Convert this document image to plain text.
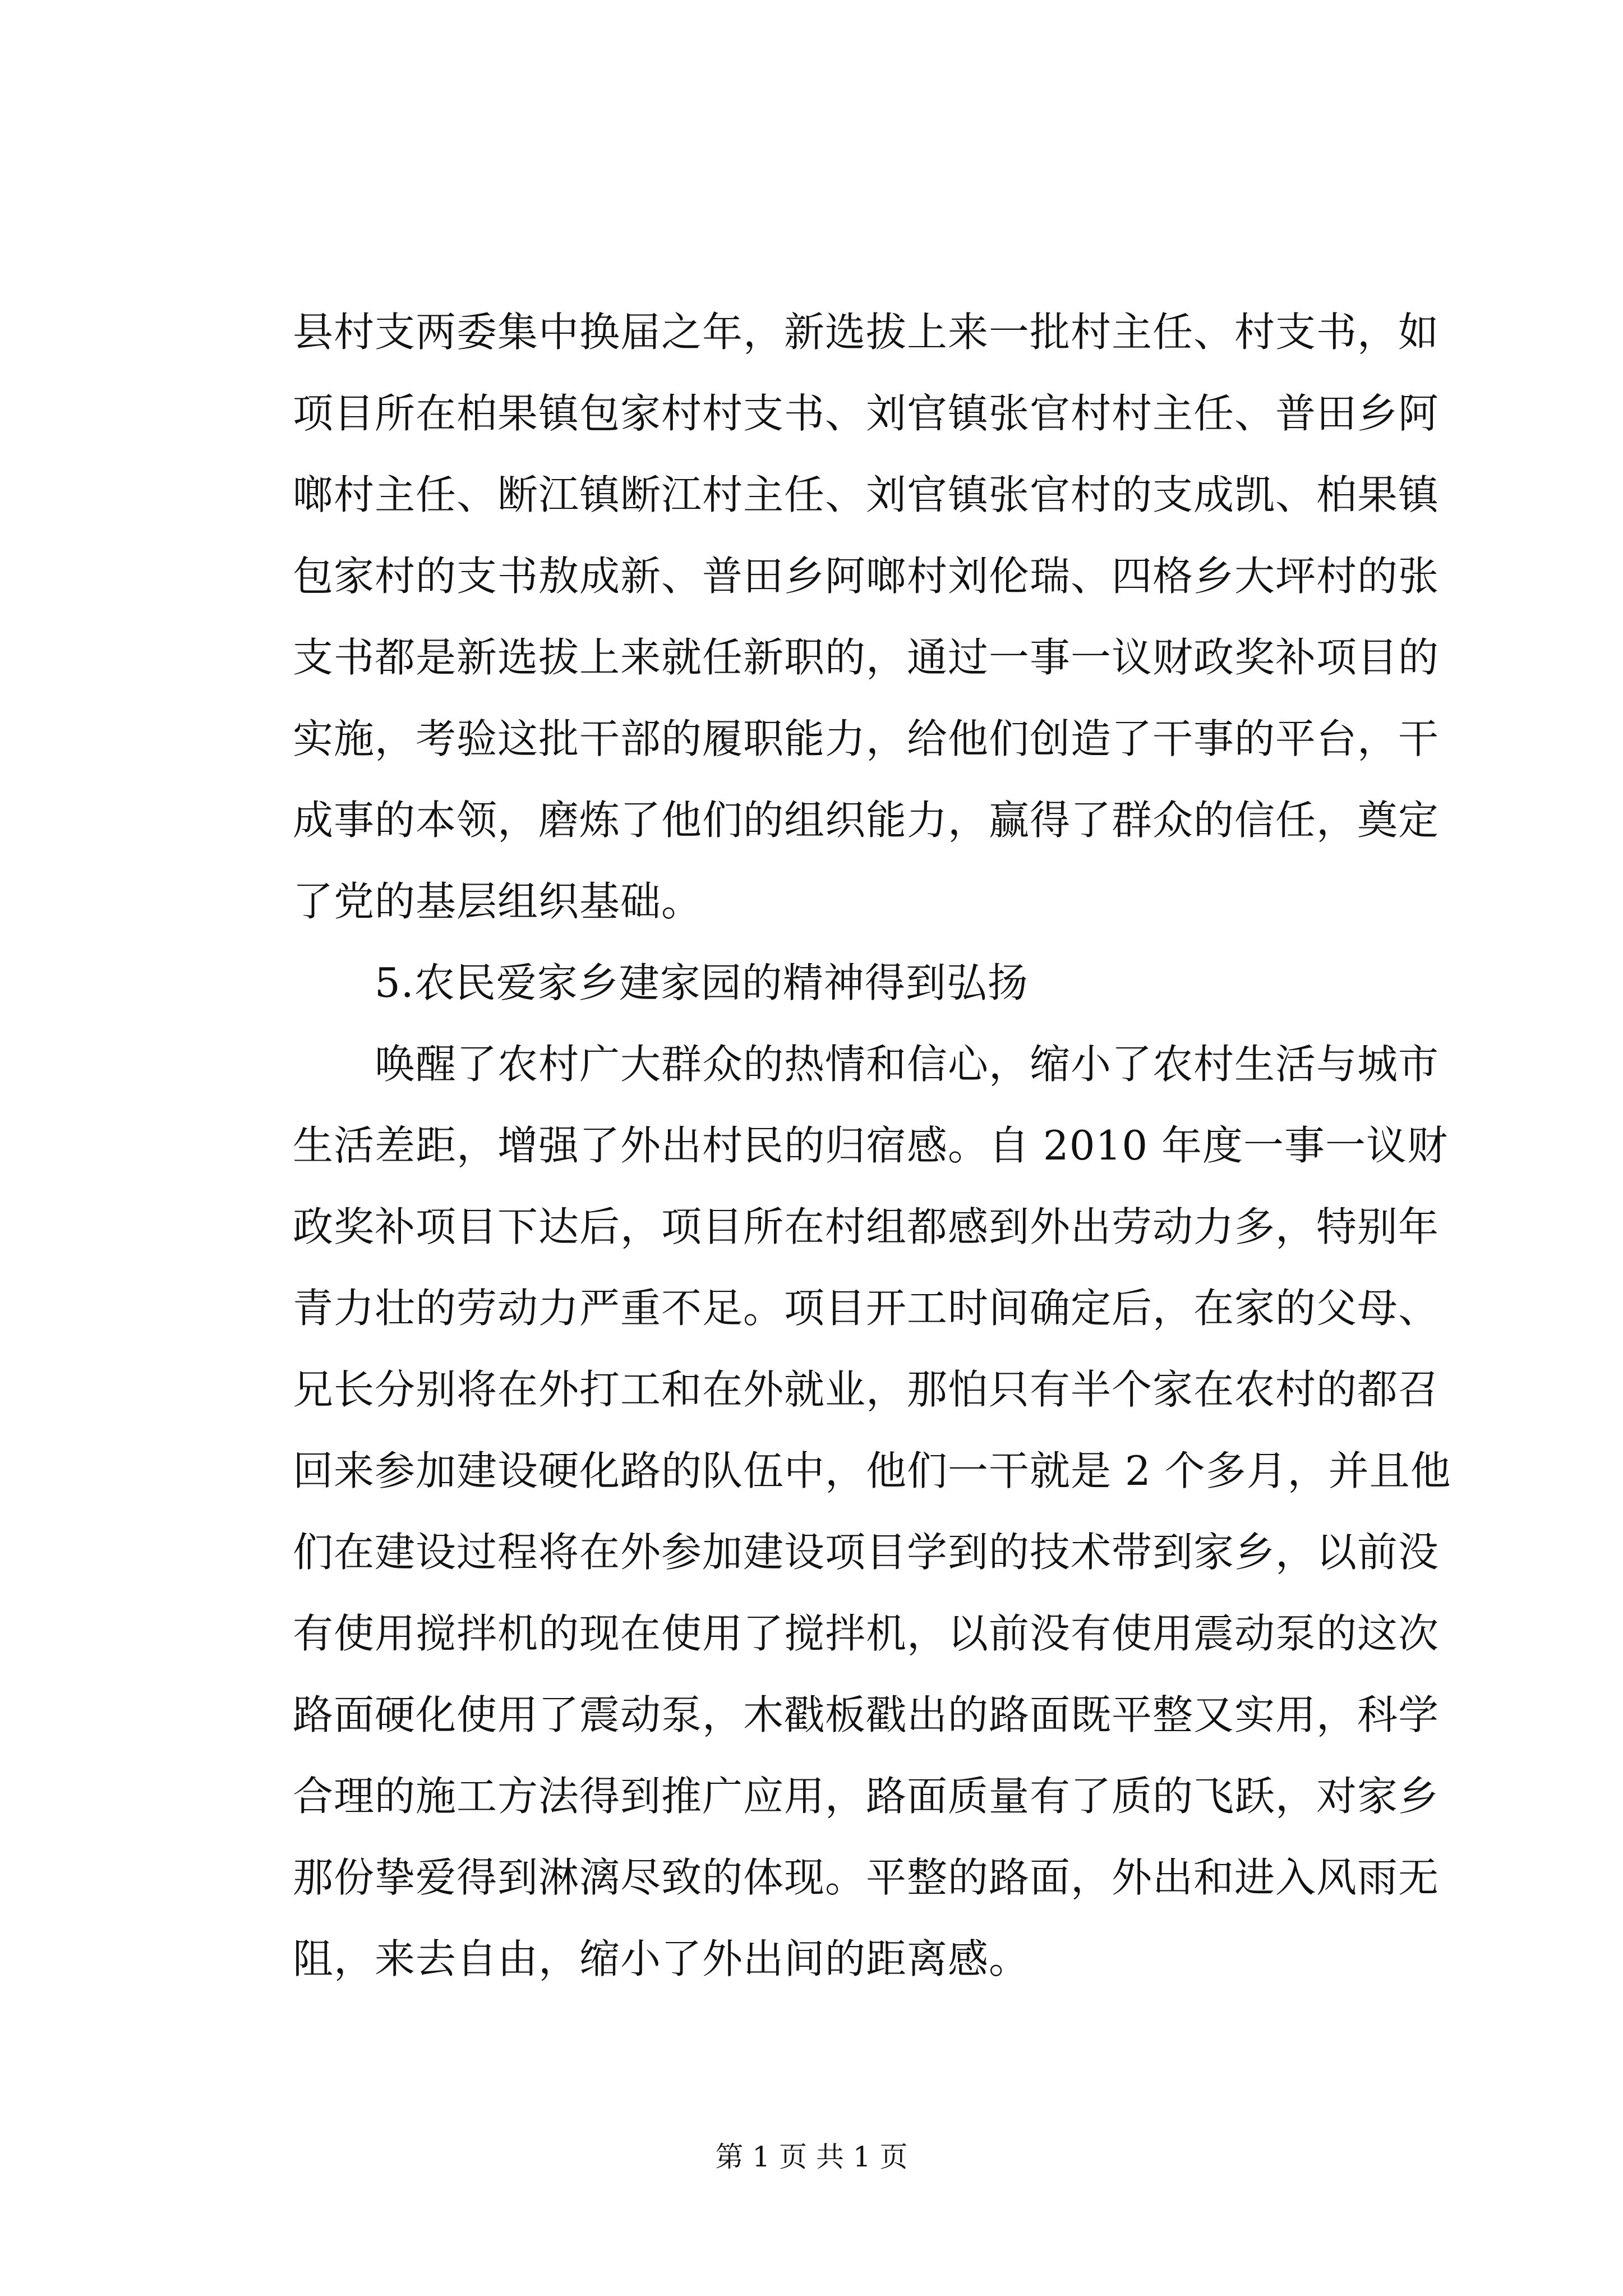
县村支两委集中换届之年，新选拔上来一批村主任、村支书，如
项目所在柏果镇包家村村支书、刘官镇张官村村主任、普田乡阿
啷村主任、断江镇断江村主任、刘官镇张官村的支成凯、柏果镇
包家村的支书敖成新、普田乡阿啷村刘伦瑞、四格乡大坪村的张
支书都是新选拔上来就任新职的，通过一事一议财政奖补项目的
实施，考验这批干部的履职能力，给他们创造了干事的平台，干
成事的本领，磨炼了他们的组织能力，赢得了群众的信任，奠定
了党的基层组织基础。
　　5.农民爱家乡建家园的精神得到弘扬
　　唤醒了农村广大群众的热情和信心，缩小了农村生活与城市
生活差距，增强了外出村民的归宿感。自 2010 年度一事一议财
政奖补项目下达后，项目所在村组都感到外出劳动力多，特别年
青力壮的劳动力严重不足。项目开工时间确定后，在家的父母、
兄长分别将在外打工和在外就业，那怕只有半个家在农村的都召
回来参加建设硬化路的队伍中，他们一干就是 2 个多月，并且他
们在建设过程将在外参加建设项目学到的技术带到家乡，以前没
有使用搅拌机的现在使用了搅拌机，以前没有使用震动泵的这次
路面硬化使用了震动泵，木戳板戳出的路面既平整又实用，科学
合理的施工方法得到推广应用，路面质量有了质的飞跃，对家乡
那份挚爱得到淋漓尽致的体现。平整的路面，外出和进入风雨无
阻，来去自由，缩小了外出间的距离感。
第 1 页 共 1 页
